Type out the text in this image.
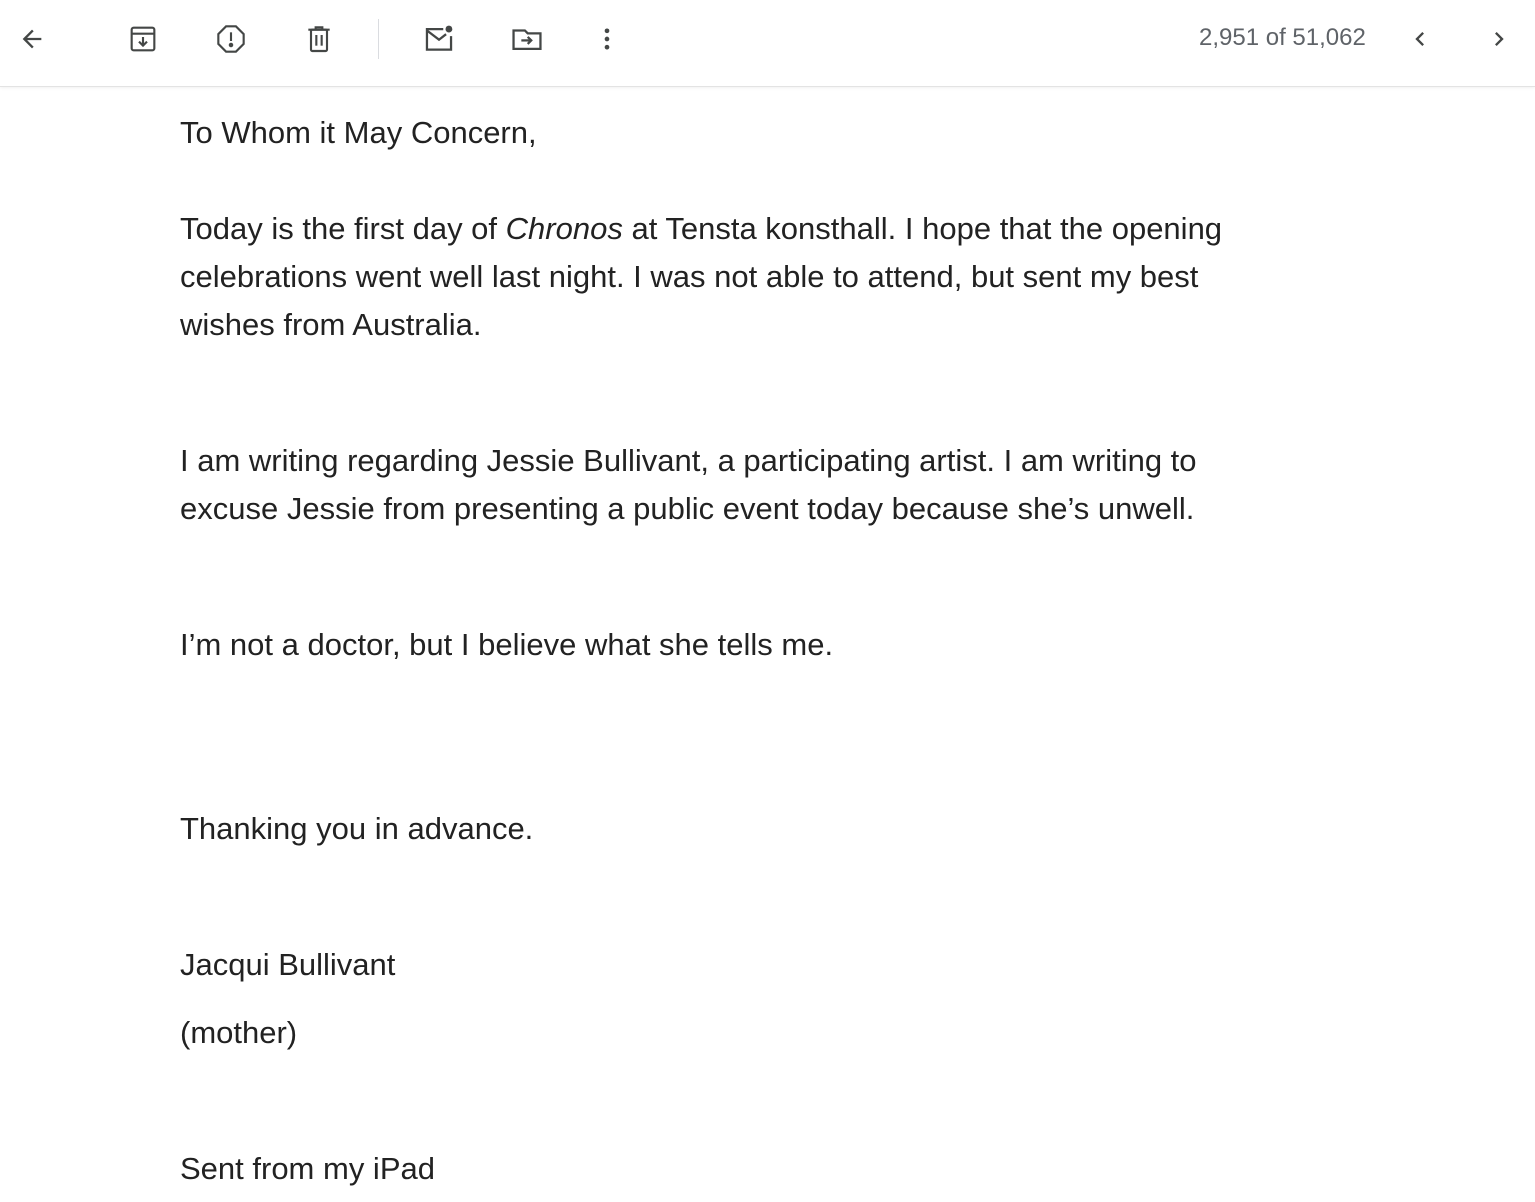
2,951 of 51,062
To Whom it May Concern,
Today is the first day of Chronos at Tensta konsthall. I hope that the opening celebrations went well last night. I was not able to attend, but sent my best wishes from Australia.
I am writing regarding Jessie Bullivant, a participating artist. I am writing to excuse Jessie from presenting a public event today because she’s unwell.
I’m not a doctor, but I believe what she tells me.
Thanking you in advance.
Jacqui Bullivant
(mother)
Sent from my iPad
